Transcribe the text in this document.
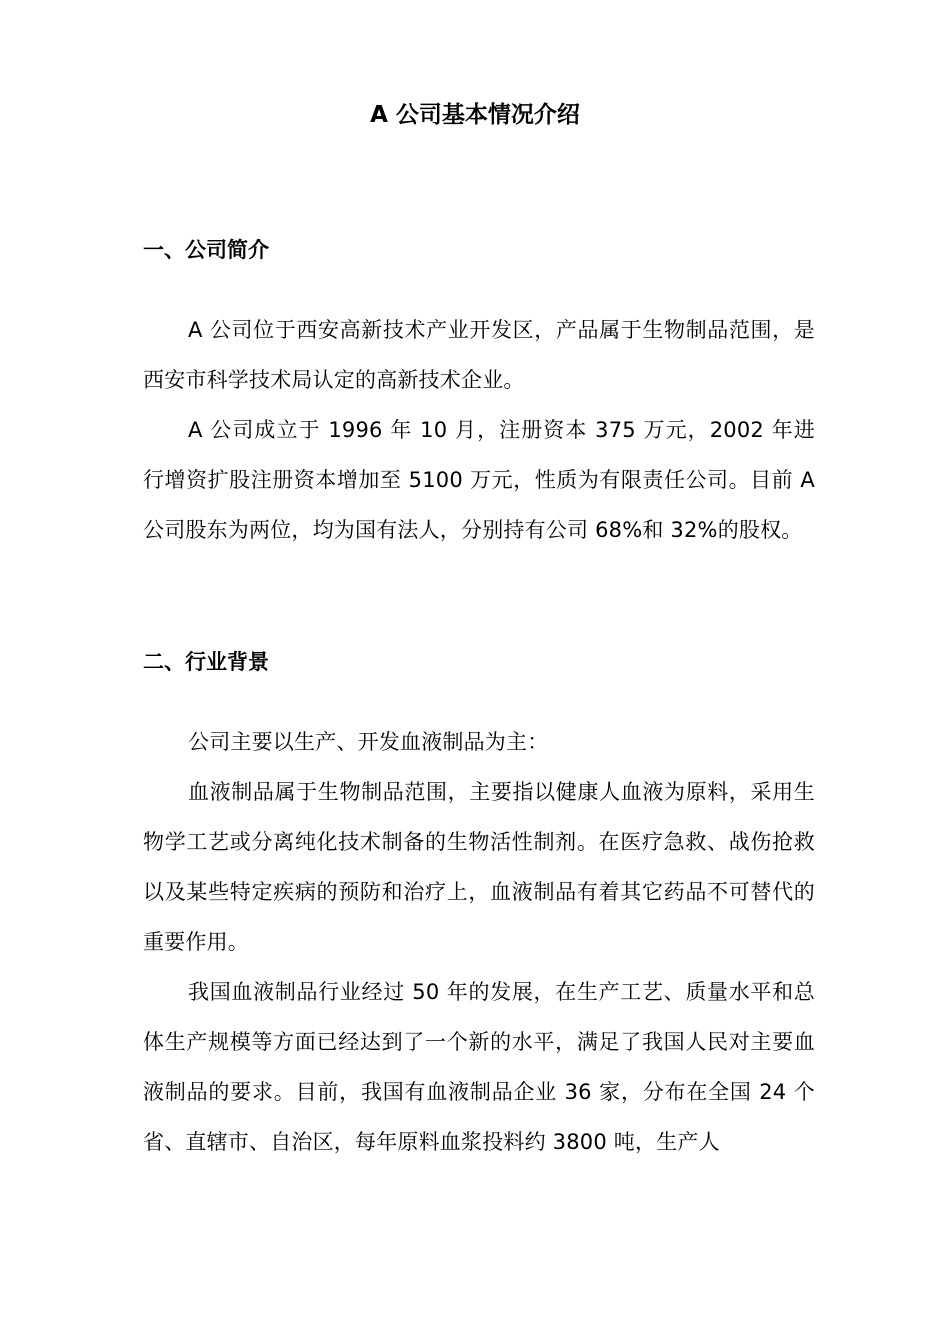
A 公司基本情况介绍
一、公司简介

A 公司位于西安高新技术产业开发区，产品属于生物制品范围，是西安市科学技术局认定的高新技术企业。

A 公司成立于 1996 年 10 月，注册资本 375 万元，2002 年进行增资扩股注册资本增加至 5100 万元，性质为有限责任公司。目前 A 公司股东为两位，均为国有法人，分别持有公司 68%和 32%的股权。

二、行业背景

公司主要以生产、开发血液制品为主：

血液制品属于生物制品范围，主要指以健康人血液为原料，采用生物学工艺或分离纯化技术制备的生物活性制剂。在医疗急救、战伤抢救以及某些特定疾病的预防和治疗上，血液制品有着其它药品不可替代的重要作用。

我国血液制品行业经过 50 年的发展，在生产工艺、质量水平和总体生产规模等方面已经达到了一个新的水平，满足了我国人民对主要血液制品的要求。目前，我国有血液制品企业 36 家，分布在全国 24 个省、直辖市、自治区，每年原料血浆投料约 3800 吨，生产人
